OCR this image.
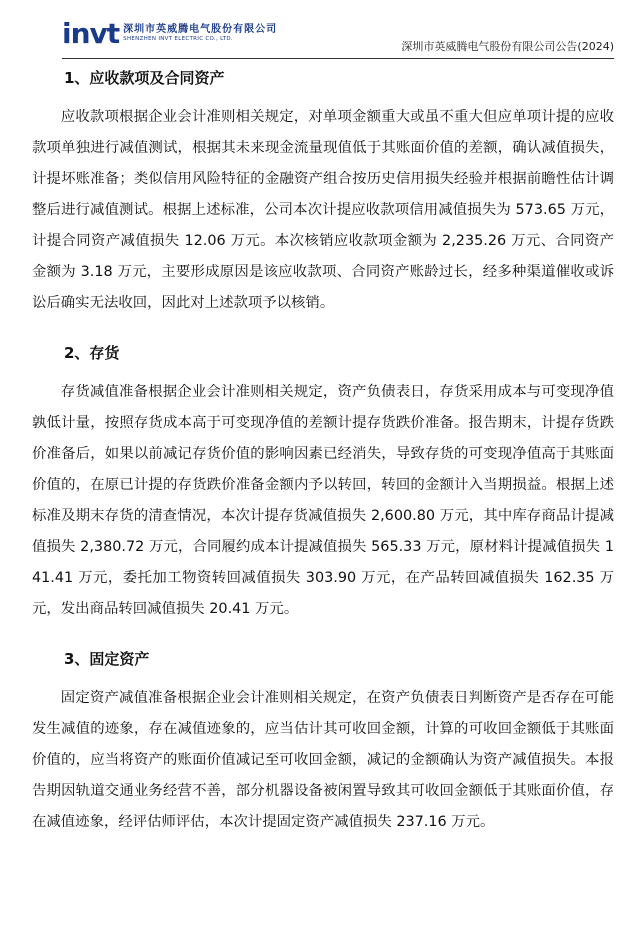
invt 深圳市英威腾电气股份有限公司
SHENZHEN INVT ELECTRIC CO., LTD.
深圳市英威腾电气股份有限公司公告(2024)
1、应收款项及合同资产

应收款项根据企业会计准则相关规定，对单项金额重大或虽不重大但应单项计提的应收款项单独进行减值测试，根据其未来现金流量现值低于其账面价值的差额，确认减值损失，计提坏账准备；类似信用风险特征的金融资产组合按历史信用损失经验并根据前瞻性估计调整后进行减值测试。根据上述标准，公司本次计提应收款项信用减值损失为 573.65 万元，计提合同资产减值损失 12.06 万元。本次核销应收款项金额为 2,235.26 万元、合同资产金额为 3.18 万元，主要形成原因是该应收款项、合同资产账龄过长，经多种渠道催收或诉讼后确实无法收回，因此对上述款项予以核销。

2、存货

存货减值准备根据企业会计准则相关规定，资产负债表日，存货采用成本与可变现净值孰低计量，按照存货成本高于可变现净值的差额计提存货跌价准备。报告期末，计提存货跌价准备后，如果以前减记存货价值的影响因素已经消失，导致存货的可变现净值高于其账面价值的，在原已计提的存货跌价准备金额内予以转回，转回的金额计入当期损益。根据上述标准及期末存货的清查情况，本次计提存货减值损失 2,600.80 万元，其中库存商品计提减值损失 2,380.72 万元，合同履约成本计提减值损失 565.33 万元，原材料计提减值损失 141.41 万元，委托加工物资转回减值损失 303.90 万元，在产品转回减值损失 162.35 万元，发出商品转回减值损失 20.41 万元。

3、固定资产

固定资产减值准备根据企业会计准则相关规定，在资产负债表日判断资产是否存在可能发生减值的迹象，存在减值迹象的，应当估计其可收回金额，计算的可收回金额低于其账面价值的，应当将资产的账面价值减记至可收回金额，减记的金额确认为资产减值损失。本报告期因轨道交通业务经营不善，部分机器设备被闲置导致其可收回金额低于其账面价值，存在减值迹象，经评估师评估，本次计提固定资产减值损失 237.16 万元。
